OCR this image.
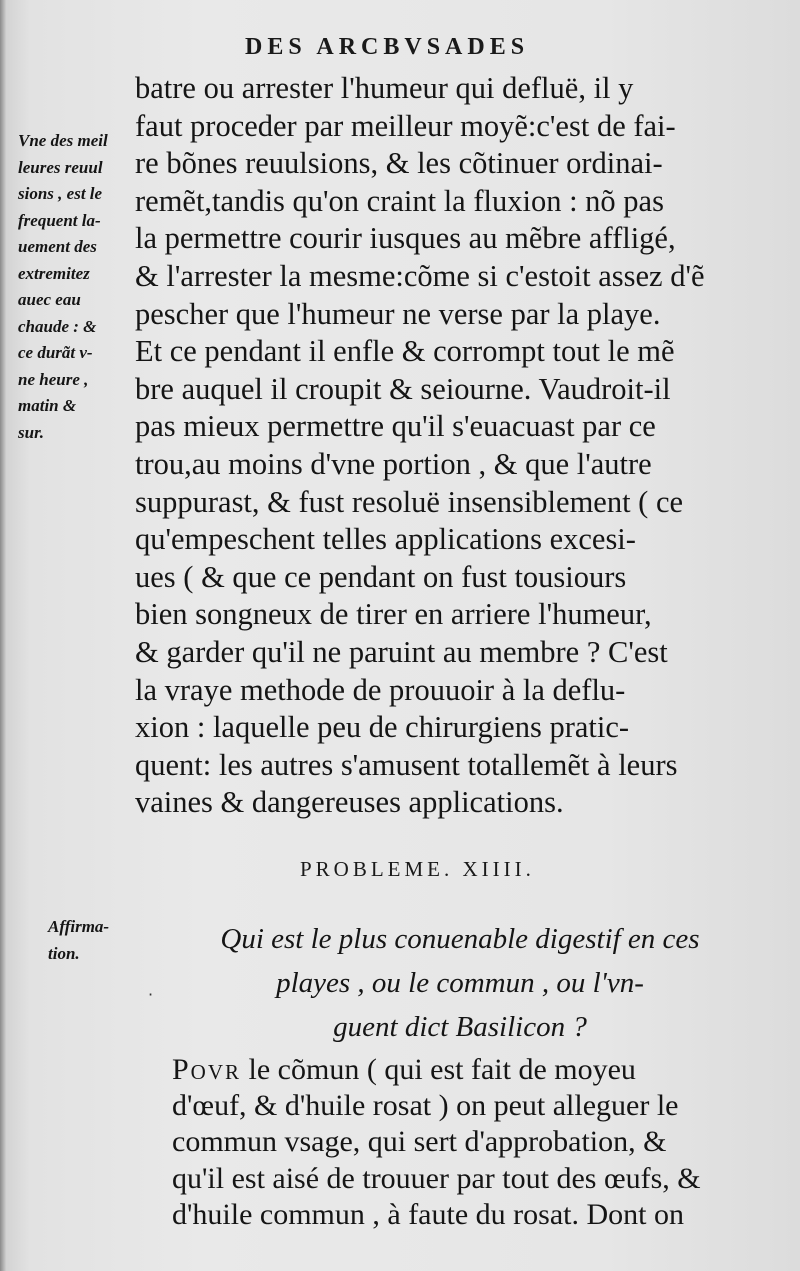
DES ARCBVSADES
batre ou arrester l'humeur qui defluë, il y
faut proceder par meilleur moyẽ:c'est de fai-
re bõnes reuulsions, & les cõtinuer ordinai-
remẽt,tandis qu'on craint la fluxion : nõ pas
la permettre courir iusques au mẽbre affligé,
& l'arrester la mesme:cõme si c'estoit assez d'ẽ
pescher que l'humeur ne verse par la playe.
Et ce pendant il enfle & corrompt tout le mẽ
bre auquel il croupit & seiourne. Vaudroit-il
pas mieux permettre qu'il s'euacuast par ce
trou,au moins d'vne portion , & que l'autre
suppurast, & fust resoluë insensiblement ( ce
qu'empeschent telles applications excesi-
ues ( & que ce pendant on fust tousiours
bien songneux de tirer en arriere l'humeur,
& garder qu'il ne paruint au membre ? C'est
la vraye methode de prouuoir à la deflu-
xion : laquelle peu de chirurgiens pratic-
quent: les autres s'amusent totallemẽt à leurs
vaines & dangereuses applications.
Vne des meil
leures reuul
sions , est le
frequent la-
uement des
extremitez
auec eau
chaude : &
ce durãt v-
ne heure ,
matin &
sur.
PROBLEME. XIIII.
Affirma-
tion.	Qui est le plus conuenable digestif en ces
playes , ou le commun , ou l'vn-
guent dict Basilicon ?
Povr le cõmun ( qui est fait de moyeu
d'œuf, & d'huile rosat ) on peut alleguer le
commun vsage, qui sert d'approbation, &
qu'il est aisé de trouuer par tout des œufs, &
d'huile commun , à faute du rosat. Dont on
·
